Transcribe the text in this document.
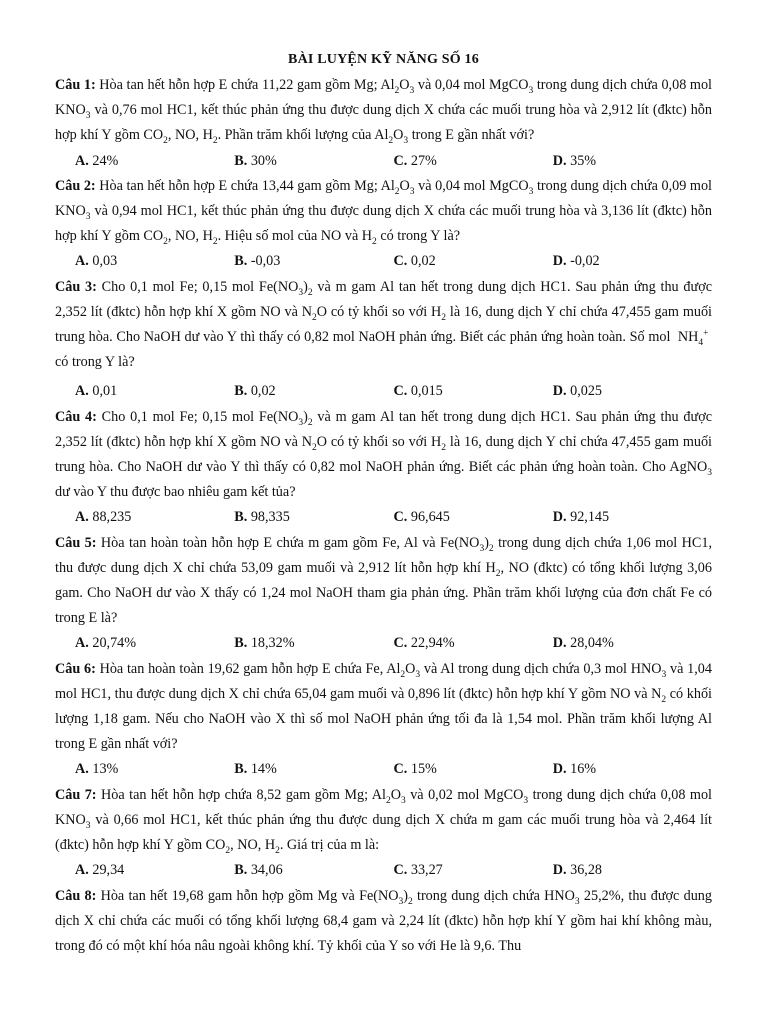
BÀI LUYỆN KỸ NĂNG SỐ 16
Câu 1: Hòa tan hết hỗn hợp E chứa 11,22 gam gồm Mg; $Al_2O_3$ và 0,04 mol MgCO$_3$ trong dung dịch chứa 0,08 mol $KNO_3$ và 0,76 mol HC1, kết thúc phản ứng thu được dung dịch X chứa các muối trung hòa và 2,912 lít (đktc) hỗn hợp khí Y gồm $CO_2$, NO, $H_2$. Phần trăm khối lượng của $Al_2O_3$ trong E gần nhất với?
A. 24%	B. 30%	C. 27%	D. 35%
Câu 2: Hòa tan hết hỗn hợp E chứa 13,44 gam gồm Mg; $Al_2O_3$ và 0,04 mol MgCO$_3$ trong dung dịch chứa 0,09 mol $KNO_3$ và 0,94 mol HC1, kết thúc phản ứng thu được dung dịch X chứa các muối trung hòa và 3,136 lít (đktc) hỗn hợp khí Y gồm $CO_2$, NO, $H_2$. Hiệu số mol của NO và $H_2$ có trong Y là?
A. 0,03	B. -0,03	C. 0,02	D. -0,02
Câu 3: Cho 0,1 mol Fe; 0,15 mol $Fe(NO_3)_2$ và m gam Al tan hết trong dung dịch HC1. Sau phản ứng thu được 2,352 lít (đktc) hỗn hợp khí X gồm NO và $N_2O$ có tỷ khối so với $H_2$ là 16, dung dịch Y chỉ chứa 47,455 gam muối trung hòa. Cho NaOH dư vào Y thì thấy có 0,82 mol NaOH phản ứng. Biết các phản ứng hoàn toàn. Số mol  $NH_4^+$  có trong Y là?
A. 0,01	B. 0,02	C. 0,015	D. 0,025
Câu 4: Cho 0,1 mol Fe; 0,15 mol $Fe(NO_3)_2$ và m gam Al tan hết trong dung dịch HC1. Sau phản ứng thu được 2,352 lít (đktc) hỗn hợp khí X gồm NO và $N_2O$ có tỷ khối so với $H_2$ là 16, dung dịch Y chỉ chứa 47,455 gam muối trung hòa. Cho NaOH dư vào Y thì thấy có 0,82 mol NaOH phản ứng. Biết các phản ứng hoàn toàn. Cho AgNO$_3$ dư vào Y thu được bao nhiêu gam kết tủa?
A. 88,235	B. 98,335	C. 96,645	D. 92,145
Câu 5: Hòa tan hoàn toàn hỗn hợp E chứa m gam gồm Fe, Al và $Fe(NO_3)_2$ trong dung dịch chứa 1,06 mol HC1, thu được dung dịch X chỉ chứa 53,09 gam muối và 2,912 lít hỗn hợp khí $H_2$, NO (đktc) có tổng khối lượng 3,06 gam. Cho NaOH dư vào X thấy có 1,24 mol NaOH tham gia phản ứng. Phần trăm khối lượng của đơn chất Fe có trong E là?
A. 20,74%	B. 18,32%	C. 22,94%	D. 28,04%
Câu 6: Hòa tan hoàn toàn 19,62 gam hỗn hợp E chứa Fe, $Al_2O_3$ và Al trong dung dịch chứa 0,3 mol $HNO_3$ và 1,04 mol HC1, thu được dung dịch X chỉ chứa 65,04 gam muối và 0,896 lít (đktc) hỗn hợp khí Y gồm NO và $N_2$ có khối lượng 1,18 gam. Nếu cho NaOH vào X thì số mol NaOH phản ứng tối đa là 1,54 mol. Phần trăm khối lượng Al trong E gần nhất với?
A. 13%	B. 14%	C. 15%	D. 16%
Câu 7: Hòa tan hết hỗn hợp chứa 8,52 gam gồm Mg; $Al_2O_3$ và 0,02 mol MgCO$_3$ trong dung dịch chứa 0,08 mol $KNO_3$ và 0,66 mol HC1, kết thúc phản ứng thu được dung dịch X chứa m gam các muối trung hòa và 2,464 lít (đktc) hỗn hợp khí Y gồm $CO_2$, NO, $H_2$. Giá trị của m là:
A. 29,34	B. 34,06	C. 33,27	D. 36,28
Câu 8: Hòa tan hết 19,68 gam hỗn hợp gồm Mg và $Fe(NO_3)_2$ trong dung dịch chứa $HNO_3$ 25,2%, thu được dung dịch X chỉ chứa các muối có tổng khối lượng 68,4 gam và 2,24 lít (đktc) hỗn hợp khí Y gồm hai khí không màu, trong đó có một khí hóa nâu ngoài không khí. Tỷ khối của Y so với He là 9,6. Thu
